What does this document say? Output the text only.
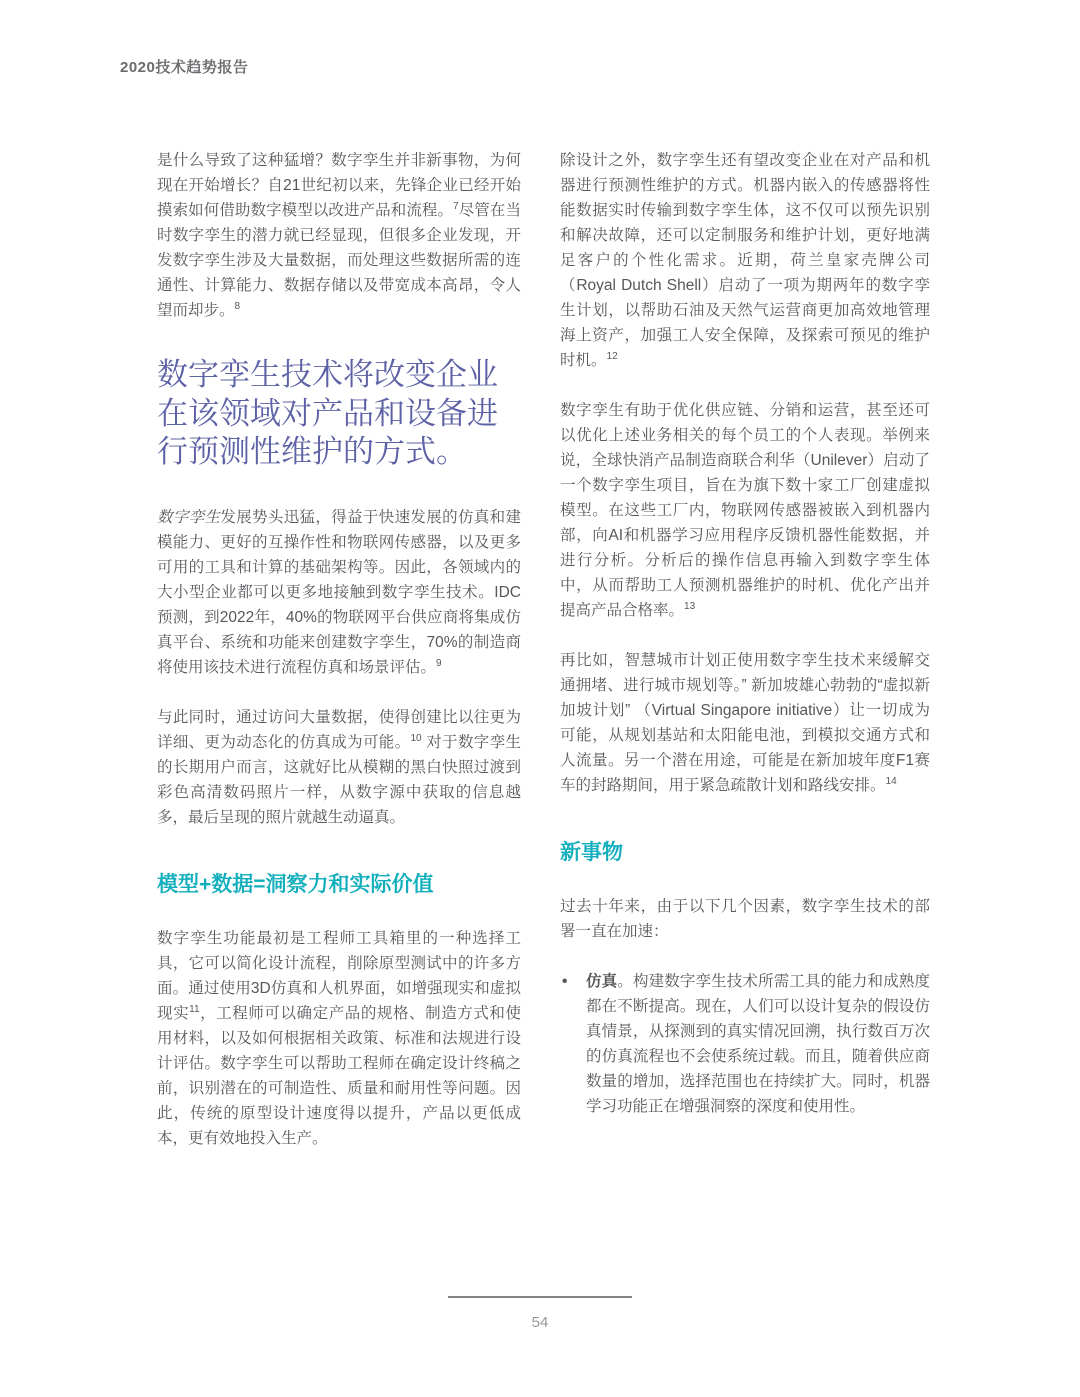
2020技术趋势报告

是什么导致了这种猛增？数字孪生并非新事物，为何现在开始增长？自21世纪初以来，先锋企业已经开始摸索如何借助数字模型以改进产品和流程。$^7$尽管在当时数字孪生的潜力就已经显现，但很多企业发现，开发数字孪生涉及大量数据，而处理这些数据所需的连通性、计算能力、数据存储以及带宽成本高昂，令人望而却步。$^8$

数字孪生技术将改变企业在该领域对产品和设备进行预测性维护的方式。

数字孪生发展势头迅猛，得益于快速发展的仿真和建模能力、更好的互操作性和物联网传感器，以及更多可用的工具和计算的基础架构等。因此，各领域内的大小型企业都可以更多地接触到数字孪生技术。IDC预测，到2022年，40%的物联网平台供应商将集成仿真平台、系统和功能来创建数字孪生，70%的制造商将使用该技术进行流程仿真和场景评估。$^9$

与此同时，通过访问大量数据，使得创建比以往更为详细、更为动态化的仿真成为可能。$^{10}$ 对于数字孪生的长期用户而言，这就好比从模糊的黑白快照过渡到彩色高清数码照片一样，从数字源中获取的信息越多，最后呈现的照片就越生动逼真。

模型+数据=洞察力和实际价值

数字孪生功能最初是工程师工具箱里的一种选择工具，它可以简化设计流程，削除原型测试中的许多方面。通过使用3D仿真和人机界面，如增强现实和虚拟现实$^{11}$，工程师可以确定产品的规格、制造方式和使用材料，以及如何根据相关政策、标准和法规进行设计评估。数字孪生可以帮助工程师在确定设计终稿之前，识别潜在的可制造性、质量和耐用性等问题。因此，传统的原型设计速度得以提升，产品以更低成本，更有效地投入生产。

除设计之外，数字孪生还有望改变企业在对产品和机器进行预测性维护的方式。机器内嵌入的传感器将性能数据实时传输到数字孪生体，这不仅可以预先识别和解决故障，还可以定制服务和维护计划，更好地满足客户的个性化需求。近期，荷兰皇家壳牌公司（Royal Dutch Shell）启动了一项为期两年的数字孪生计划，以帮助石油及天然气运营商更加高效地管理海上资产，加强工人安全保障，及探索可预见的维护时机。$^{12}$

数字孪生有助于优化供应链、分销和运营，甚至还可以优化上述业务相关的每个员工的个人表现。举例来说，全球快消产品制造商联合利华（Unilever）启动了一个数字孪生项目，旨在为旗下数十家工厂创建虚拟模型。在这些工厂内，物联网传感器被嵌入到机器内部，向AI和机器学习应用程序反馈机器性能数据，并进行分析。分析后的操作信息再输入到数字孪生体中，从而帮助工人预测机器维护的时机、优化产出并提高产品合格率。$^{13}$

再比如，智慧城市计划正使用数字孪生技术来缓解交通拥堵、进行城市规划等。” 新加坡雄心勃勃的“虚拟新加坡计划” （Virtual Singapore initiative）让一切成为可能，从规划基站和太阳能电池，到模拟交通方式和人流量。另一个潜在用途，可能是在新加坡年度F1赛车的封路期间，用于紧急疏散计划和路线安排。$^{14}$

新事物

过去十年来，由于以下几个因素，数字孪生技术的部署一直在加速：

• 仿真。构建数字孪生技术所需工具的能力和成熟度都在不断提高。现在，人们可以设计复杂的假设仿真情景，从探测到的真实情况回溯，执行数百万次的仿真流程也不会使系统过载。而且，随着供应商数量的增加，选择范围也在持续扩大。同时，机器学习功能正在增强洞察的深度和使用性。
54
